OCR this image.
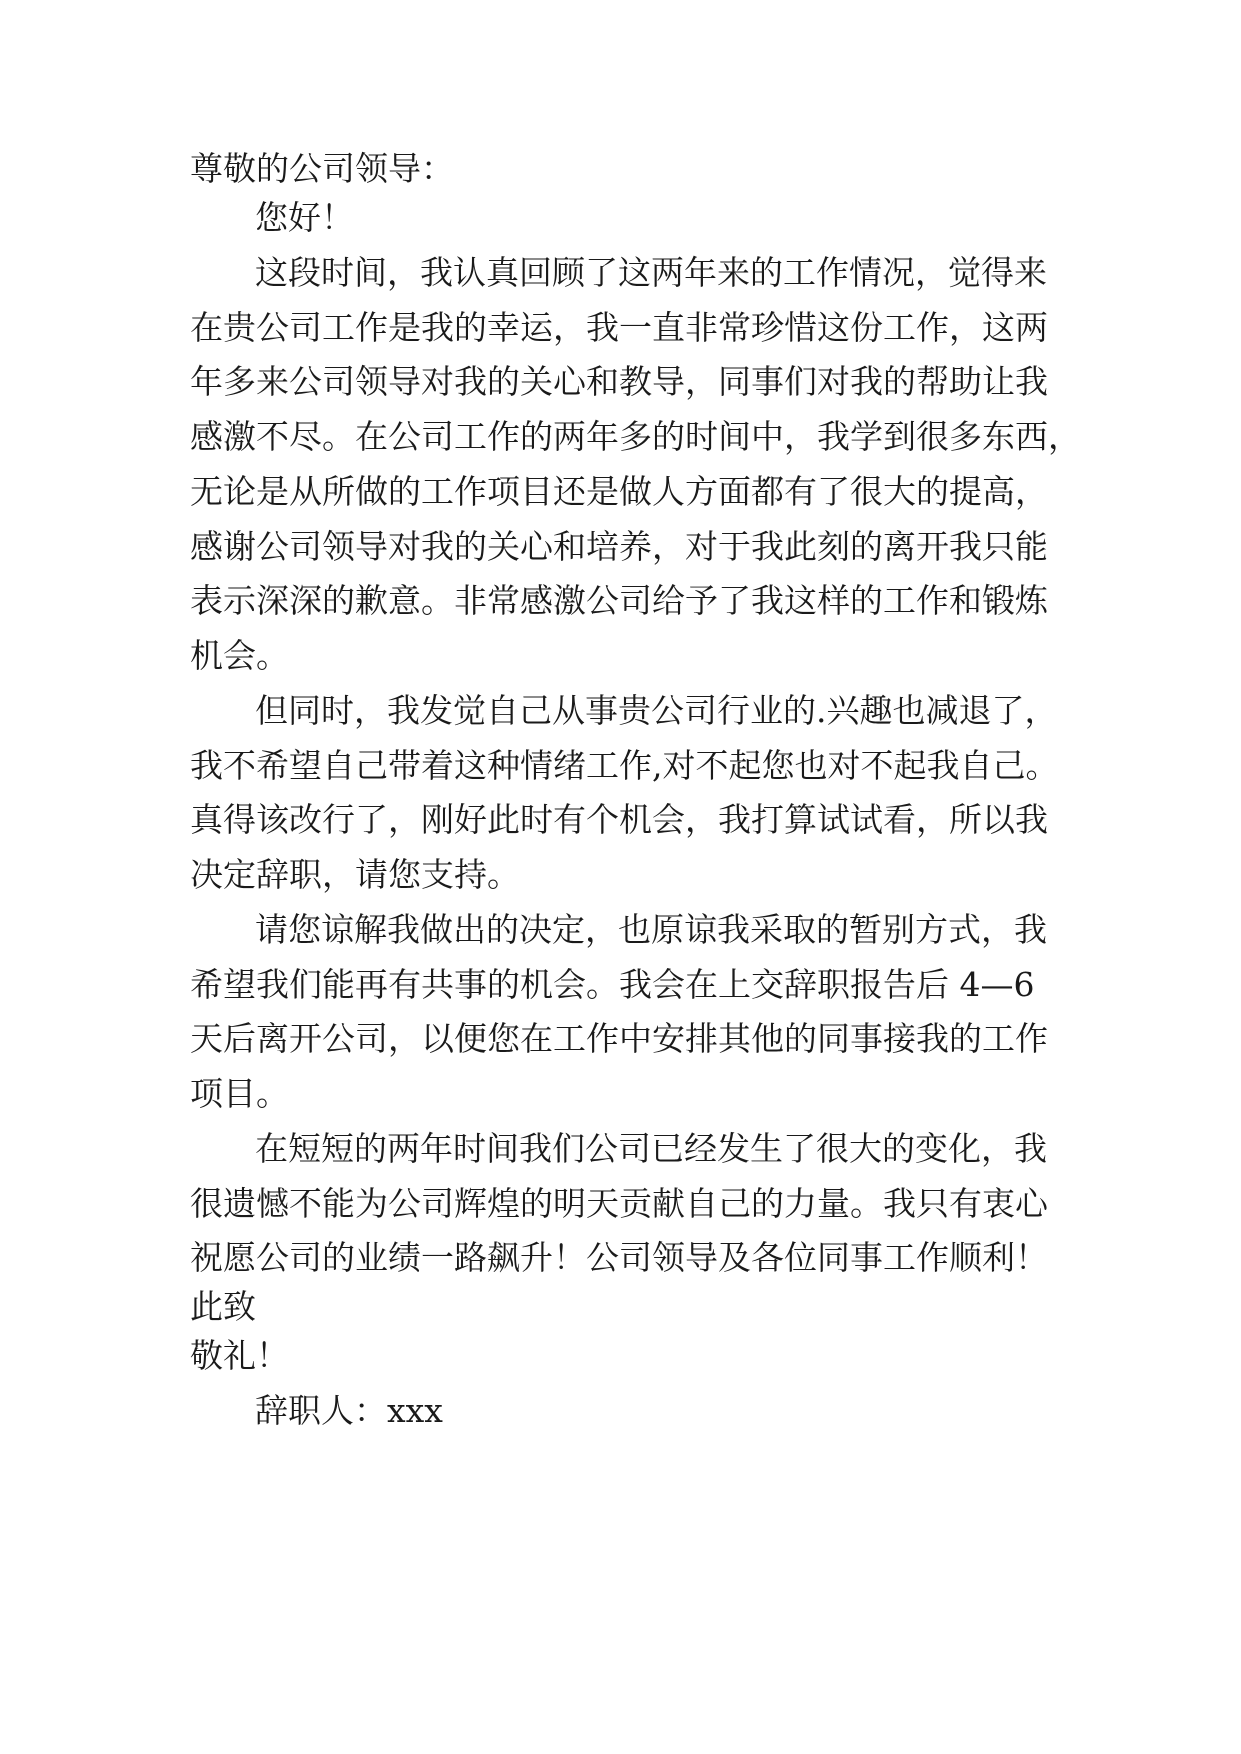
尊敬的公司领导：
您好！
这段时间，我认真回顾了这两年来的工作情况，觉得来
在贵公司工作是我的幸运，我一直非常珍惜这份工作，这两
年多来公司领导对我的关心和教导，同事们对我的帮助让我
感激不尽。在公司工作的两年多的时间中，我学到很多东西，
无论是从所做的工作项目还是做人方面都有了很大的提高，
感谢公司领导对我的关心和培养，对于我此刻的离开我只能
表示深深的歉意。非常感激公司给予了我这样的工作和锻炼
机会。
但同时，我发觉自己从事贵公司行业的.兴趣也减退了，
我不希望自己带着这种情绪工作,对不起您也对不起我自己。
真得该改行了，刚好此时有个机会，我打算试试看，所以我
决定辞职，请您支持。
请您谅解我做出的决定，也原谅我采取的暂别方式，我
希望我们能再有共事的机会。我会在上交辞职报告后 4—6
天后离开公司，以便您在工作中安排其他的同事接我的工作
项目。
在短短的两年时间我们公司已经发生了很大的变化，我
很遗憾不能为公司辉煌的明天贡献自己的力量。我只有衷心
祝愿公司的业绩一路飙升！公司领导及各位同事工作顺利！
此致
敬礼！
辞职人：xxx
